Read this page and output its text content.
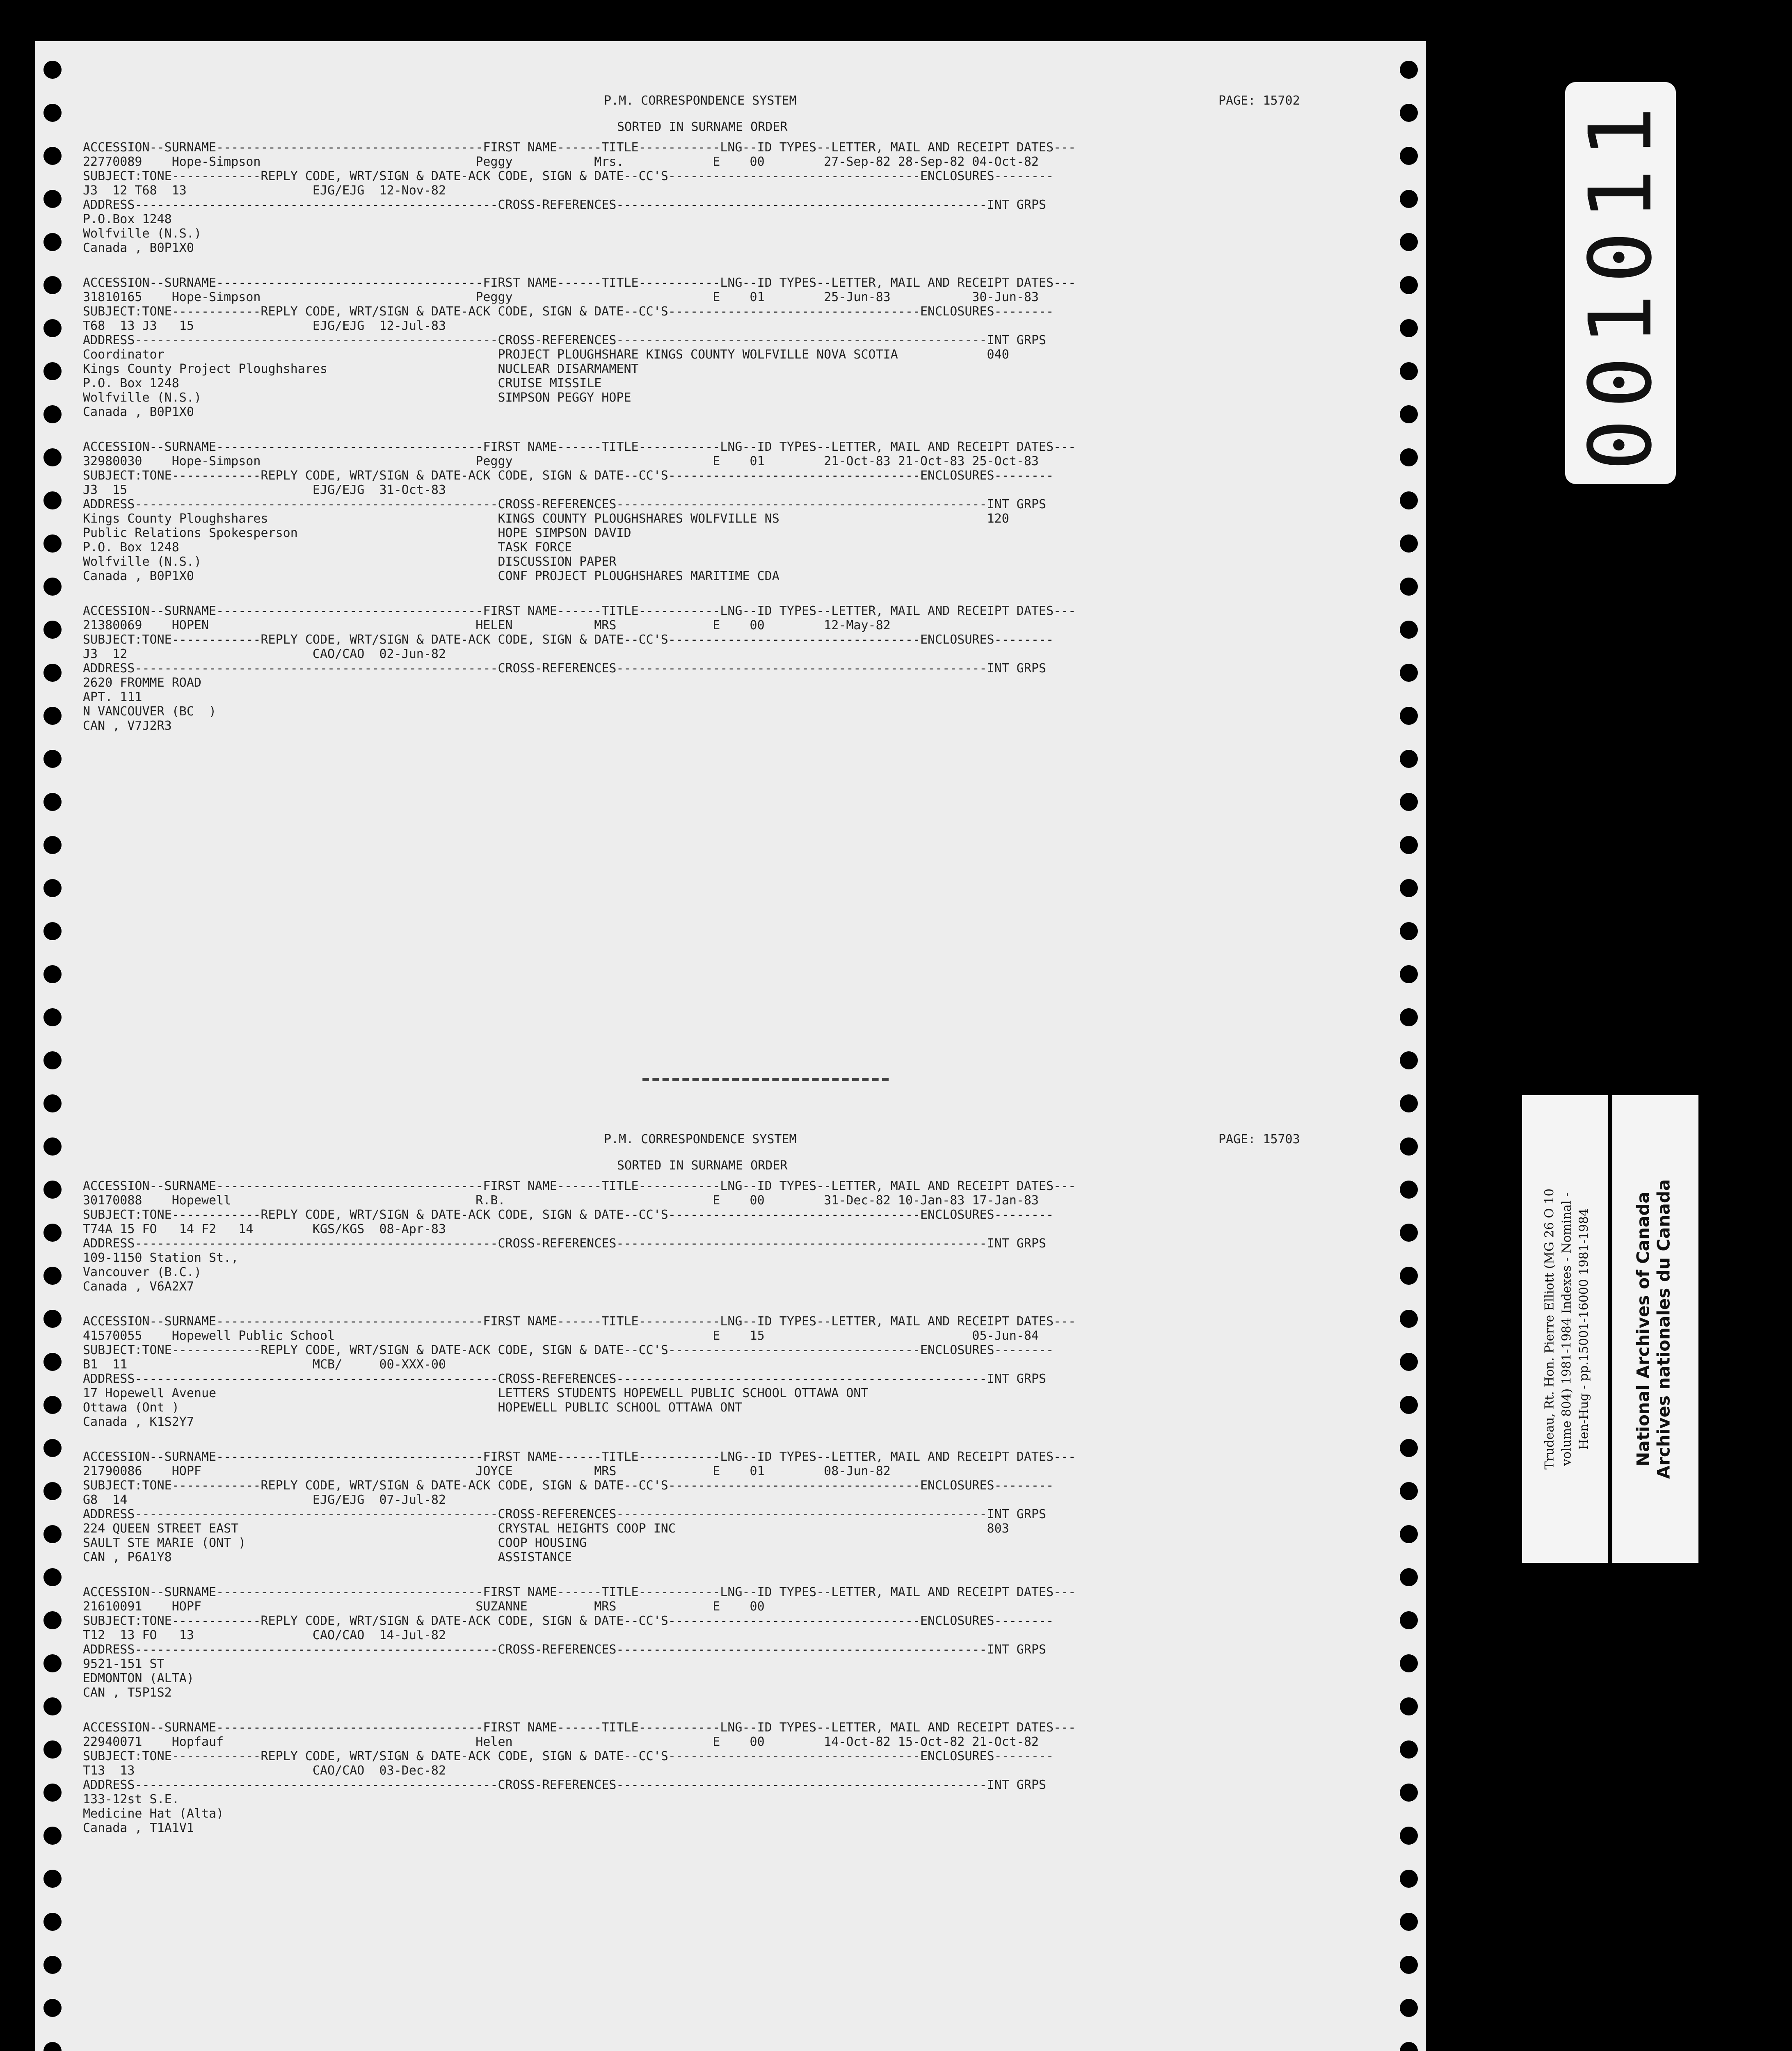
P.M. CORRESPONDENCE SYSTEM	PAGE: 15702
SORTED IN SURNAME ORDER
ACCESSION--SURNAME------------------------------------FIRST NAME------TITLE-----------LNG--ID TYPES--LETTER, MAIL AND RECEIPT DATES---
22770089    Hope-Simpson                             Peggy           Mrs.            E    00        27-Sep-82 28-Sep-82 04-Oct-82
SUBJECT:TONE------------REPLY CODE, WRT/SIGN & DATE-ACK CODE, SIGN & DATE--CC'S----------------------------------ENCLOSURES--------
J3  12 T68  13                 EJG/EJG  12-Nov-82
ADDRESS-------------------------------------------------CROSS-REFERENCES--------------------------------------------------INT GRPS
P.O.Box 1248
Wolfville (N.S.)
Canada , B0P1X0
ACCESSION--SURNAME------------------------------------FIRST NAME------TITLE-----------LNG--ID TYPES--LETTER, MAIL AND RECEIPT DATES---
31810165    Hope-Simpson                             Peggy                           E    01        25-Jun-83           30-Jun-83
SUBJECT:TONE------------REPLY CODE, WRT/SIGN & DATE-ACK CODE, SIGN & DATE--CC'S----------------------------------ENCLOSURES--------
T68  13 J3   15                EJG/EJG  12-Jul-83
ADDRESS-------------------------------------------------CROSS-REFERENCES--------------------------------------------------INT GRPS
Coordinator                                             PROJECT PLOUGHSHARE KINGS COUNTY WOLFVILLE NOVA SCOTIA            040
Kings County Project Ploughshares                       NUCLEAR DISARMAMENT
P.O. Box 1248                                           CRUISE MISSILE
Wolfville (N.S.)                                        SIMPSON PEGGY HOPE
Canada , B0P1X0
ACCESSION--SURNAME------------------------------------FIRST NAME------TITLE-----------LNG--ID TYPES--LETTER, MAIL AND RECEIPT DATES---
32980030    Hope-Simpson                             Peggy                           E    01        21-Oct-83 21-Oct-83 25-Oct-83
SUBJECT:TONE------------REPLY CODE, WRT/SIGN & DATE-ACK CODE, SIGN & DATE--CC'S----------------------------------ENCLOSURES--------
J3  15                         EJG/EJG  31-Oct-83
ADDRESS-------------------------------------------------CROSS-REFERENCES--------------------------------------------------INT GRPS
Kings County Ploughshares                               KINGS COUNTY PLOUGHSHARES WOLFVILLE NS                            120
Public Relations Spokesperson                           HOPE SIMPSON DAVID
P.O. Box 1248                                           TASK FORCE
Wolfville (N.S.)                                        DISCUSSION PAPER
Canada , B0P1X0                                         CONF PROJECT PLOUGHSHARES MARITIME CDA
ACCESSION--SURNAME------------------------------------FIRST NAME------TITLE-----------LNG--ID TYPES--LETTER, MAIL AND RECEIPT DATES---
21380069    HOPEN                                    HELEN           MRS             E    00        12-May-82
SUBJECT:TONE------------REPLY CODE, WRT/SIGN & DATE-ACK CODE, SIGN & DATE--CC'S----------------------------------ENCLOSURES--------
J3  12                         CAO/CAO  02-Jun-82
ADDRESS-------------------------------------------------CROSS-REFERENCES--------------------------------------------------INT GRPS
2620 FROMME ROAD
APT. 111
N VANCOUVER (BC  )
CAN , V7J2R3
P.M. CORRESPONDENCE SYSTEM	PAGE: 15703
SORTED IN SURNAME ORDER
ACCESSION--SURNAME------------------------------------FIRST NAME------TITLE-----------LNG--ID TYPES--LETTER, MAIL AND RECEIPT DATES---
30170088    Hopewell                                 R.B.                            E    00        31-Dec-82 10-Jan-83 17-Jan-83
SUBJECT:TONE------------REPLY CODE, WRT/SIGN & DATE-ACK CODE, SIGN & DATE--CC'S----------------------------------ENCLOSURES--------
T74A 15 FO   14 F2   14        KGS/KGS  08-Apr-83
ADDRESS-------------------------------------------------CROSS-REFERENCES--------------------------------------------------INT GRPS
109-1150 Station St.,
Vancouver (B.C.)
Canada , V6A2X7
ACCESSION--SURNAME------------------------------------FIRST NAME------TITLE-----------LNG--ID TYPES--LETTER, MAIL AND RECEIPT DATES---
41570055    Hopewell Public School                                                   E    15                            05-Jun-84
SUBJECT:TONE------------REPLY CODE, WRT/SIGN & DATE-ACK CODE, SIGN & DATE--CC'S----------------------------------ENCLOSURES--------
B1  11                         MCB/     00-XXX-00
ADDRESS-------------------------------------------------CROSS-REFERENCES--------------------------------------------------INT GRPS
17 Hopewell Avenue                                      LETTERS STUDENTS HOPEWELL PUBLIC SCHOOL OTTAWA ONT
Ottawa (Ont )                                           HOPEWELL PUBLIC SCHOOL OTTAWA ONT
Canada , K1S2Y7
ACCESSION--SURNAME------------------------------------FIRST NAME------TITLE-----------LNG--ID TYPES--LETTER, MAIL AND RECEIPT DATES---
21790086    HOPF                                     JOYCE           MRS             E    01        08-Jun-82
SUBJECT:TONE------------REPLY CODE, WRT/SIGN & DATE-ACK CODE, SIGN & DATE--CC'S----------------------------------ENCLOSURES--------
G8  14                         EJG/EJG  07-Jul-82
ADDRESS-------------------------------------------------CROSS-REFERENCES--------------------------------------------------INT GRPS
224 QUEEN STREET EAST                                   CRYSTAL HEIGHTS COOP INC                                          803
SAULT STE MARIE (ONT )                                  COOP HOUSING
CAN , P6A1Y8                                            ASSISTANCE
ACCESSION--SURNAME------------------------------------FIRST NAME------TITLE-----------LNG--ID TYPES--LETTER, MAIL AND RECEIPT DATES---
21610091    HOPF                                     SUZANNE         MRS             E    00
SUBJECT:TONE------------REPLY CODE, WRT/SIGN & DATE-ACK CODE, SIGN & DATE--CC'S----------------------------------ENCLOSURES--------
T12  13 FO   13                CAO/CAO  14-Jul-82
ADDRESS-------------------------------------------------CROSS-REFERENCES--------------------------------------------------INT GRPS
9521-151 ST
EDMONTON (ALTA)
CAN , T5P1S2
ACCESSION--SURNAME------------------------------------FIRST NAME------TITLE-----------LNG--ID TYPES--LETTER, MAIL AND RECEIPT DATES---
22940071    Hopfauf                                  Helen                           E    00        14-Oct-82 15-Oct-82 21-Oct-82
SUBJECT:TONE------------REPLY CODE, WRT/SIGN & DATE-ACK CODE, SIGN & DATE--CC'S----------------------------------ENCLOSURES--------
T13  13                        CAO/CAO  03-Dec-82
ADDRESS-------------------------------------------------CROSS-REFERENCES--------------------------------------------------INT GRPS
133-12st S.E.
Medicine Hat (Alta)
Canada , T1A1V1
001011
Trudeau, Rt. Hon. Pierre Elliott (MG 26 O 10 volume 804) 1981-1984 Indexes - Nominal - Hen-Hug - pp.15001-16000 1981-1984 National Archives of Canada Archives nationales du Canada
